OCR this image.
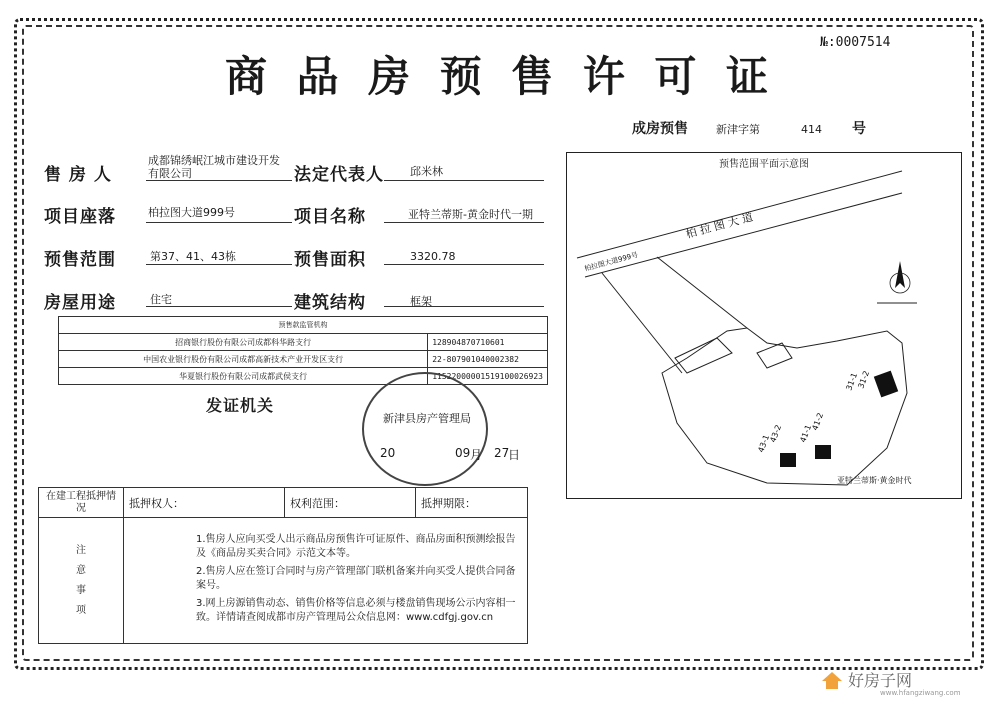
№:0007514
商 品 房 预 售 许 可 证
成房预售	新津字第	414 号
售 房 人
成都锦绣岷江城市建设开发有限公司	法定代表人 邱米林
项目座落	柏拉图大道999号	项目名称	亚特兰蒂斯-黄金时代一期
预售范围	第37、41、43栋	预售面积	3320.78
房屋用途	住宅	建筑结构	框架
预售款监管机构	
招商银行股份有限公司成都科华路支行	128904870710601
中国农业银行股份有限公司成都高新技术产业开发区支行	22-807901040002382
华夏银行股份有限公司成都武侯支行	11522000001519100026923
发证机关
新津县房产管理局
20	09 月 27
日
在建工程抵押情况	抵押权人：	权利范围：	抵押期限：

注意事项	1.售房人应向买受人出示商品房预售许可证原件、商品房面积预测绘报告及《商品房买卖合同》示范文本等。

2.售房人应在签订合同时与房产管理部门联机备案并向买受人提供合同备案号。

3.网上房源销售动态、销售价格等信息必须与楼盘销售现场公示内容相一致。详情请查阅成都市房产管理局公众信息网：www.cdfgj.gov.cn		

预售范围平面示意图
31-2
31-1
41-2
41-1
43-2
43-1
柏 拉 图 大 道
柏拉图大道999号
亚特兰蒂斯·黄金时代
好房子网
www.hfangziwang.com
